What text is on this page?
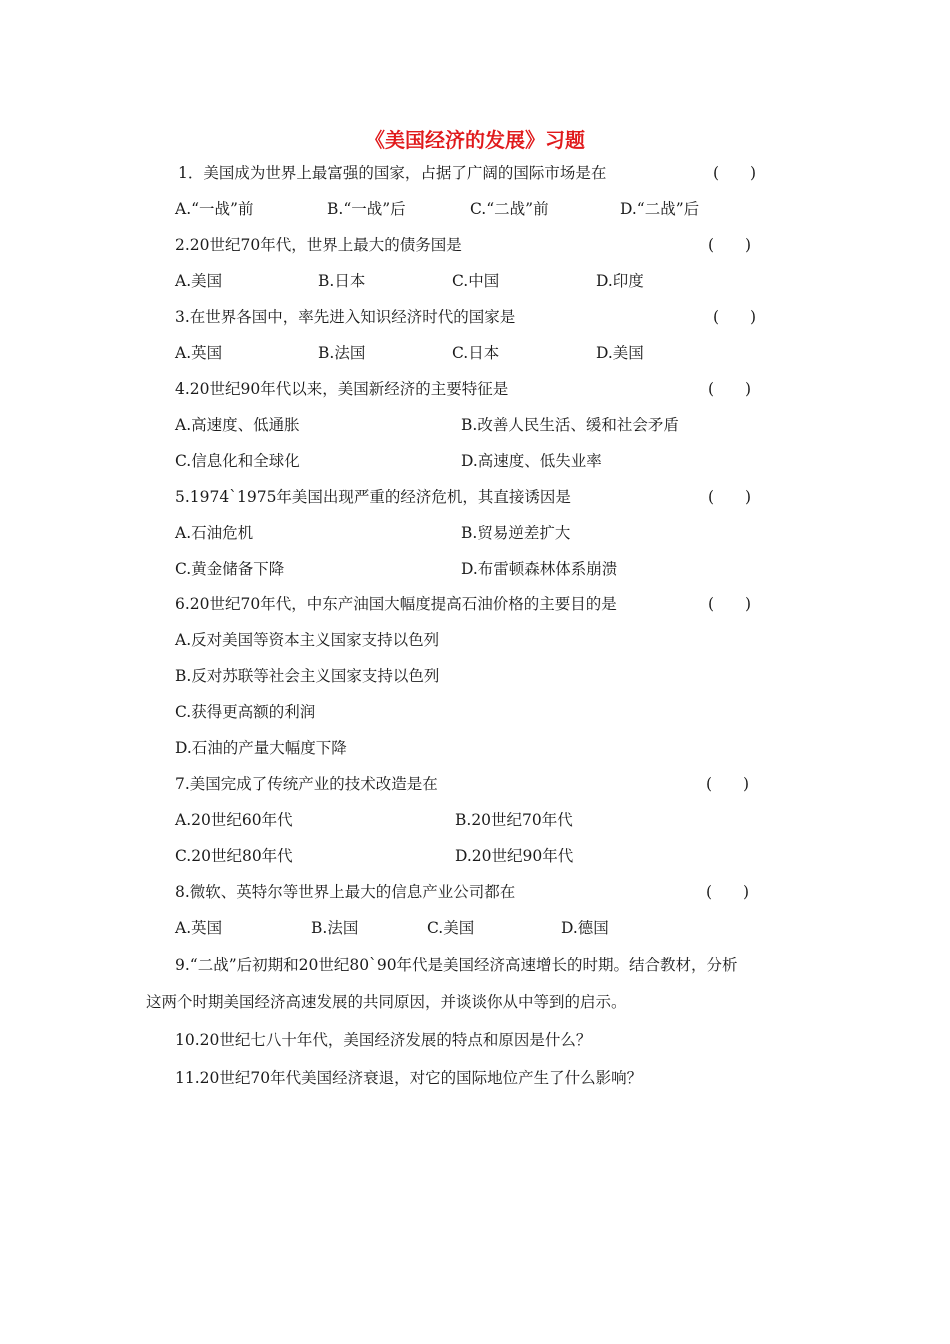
《美国经济的发展》习题
1．美国成为世界上最富强的国家，占据了广阔的国际市场是在	(　　)
A.“一战”前	B.“一战”后	C.“二战”前	D.“二战”后
2.20世纪70年代，世界上最大的债务国是	(　　)
A.美国	B.日本	C.中国	D.印度
3.在世界各国中，率先进入知识经济时代的国家是	(　　)
A.英国	B.法国	C.日本	D.美国
4.20世纪90年代以来，美国新经济的主要特征是	(　　)
A.高速度、低通胀	B.改善人民生活、缓和社会矛盾
C.信息化和全球化	D.高速度、低失业率
5.1974`1975年美国出现严重的经济危机，其直接诱因是	(　　)
A.石油危机	B.贸易逆差扩大
C.黄金储备下降	D.布雷顿森林体系崩溃
6.20世纪70年代，中东产油国大幅度提高石油价格的主要目的是	(　　)
A.反对美国等资本主义国家支持以色列
B.反对苏联等社会主义国家支持以色列
C.获得更高额的利润
D.石油的产量大幅度下降
7.美国完成了传统产业的技术改造是在	(　　)
A.20世纪60年代	B.20世纪70年代
C.20世纪80年代	D.20世纪90年代
8.微软、英特尔等世界上最大的信息产业公司都在	(　　)
A.英国	B.法国	C.美国	D.德国
9.“二战”后初期和20世纪80`90年代是美国经济高速增长的时期。结合教材，分析
这两个时期美国经济高速发展的共同原因，并谈谈你从中等到的启示。
10.20世纪七八十年代，美国经济发展的特点和原因是什么？
11.20世纪70年代美国经济衰退，对它的国际地位产生了什么影响？
